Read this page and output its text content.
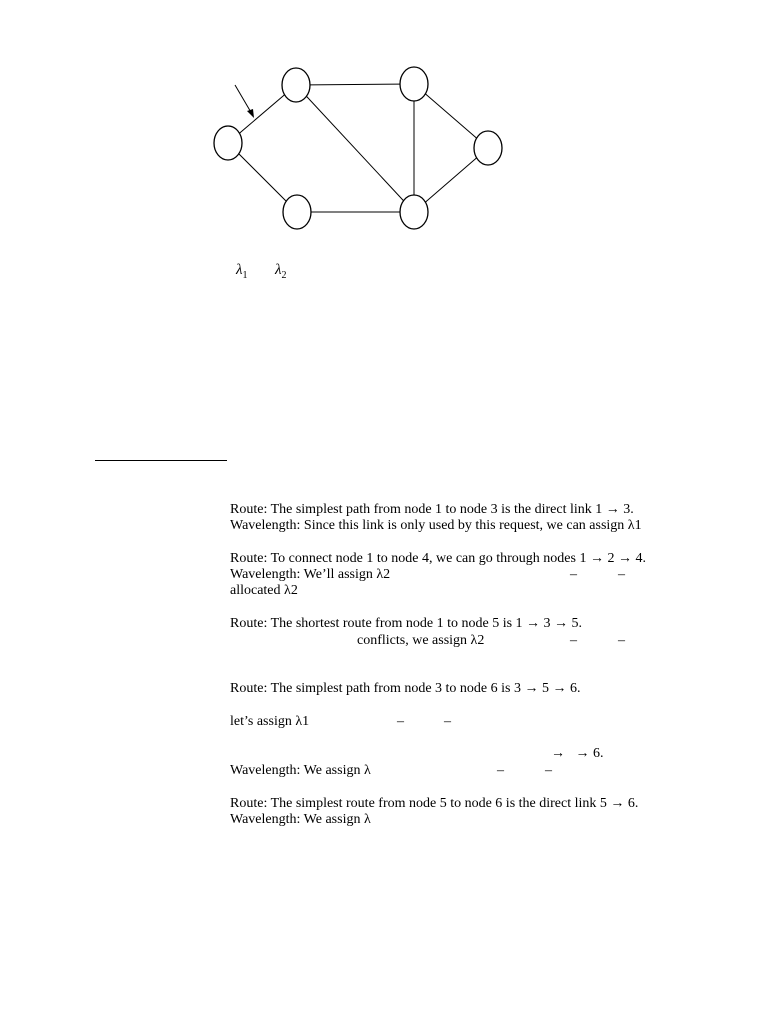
$\lambda_1$ $\lambda_2$
Route: The simplest path from node 1 to node 3 is the direct link 1 → 3.
Wavelength: Since this link is only used by this request, we can assign λ1
Route: To connect node 1 to node 4, we can go through nodes 1 → 2 → 4.
Wavelength: We’ll assign λ2	–	–
allocated λ2
Route: The shortest route from node 1 to node 5 is 1 → 3 → 5.
conflicts, we assign λ2	–	–
Route: The simplest path from node 3 to node 6 is 3 → 5 → 6.
let’s assign λ1	–	–
→   → 6.
Wavelength: We assign λ	–	–
Route: The simplest route from node 5 to node 6 is the direct link 5 → 6.
Wavelength: We assign λ
